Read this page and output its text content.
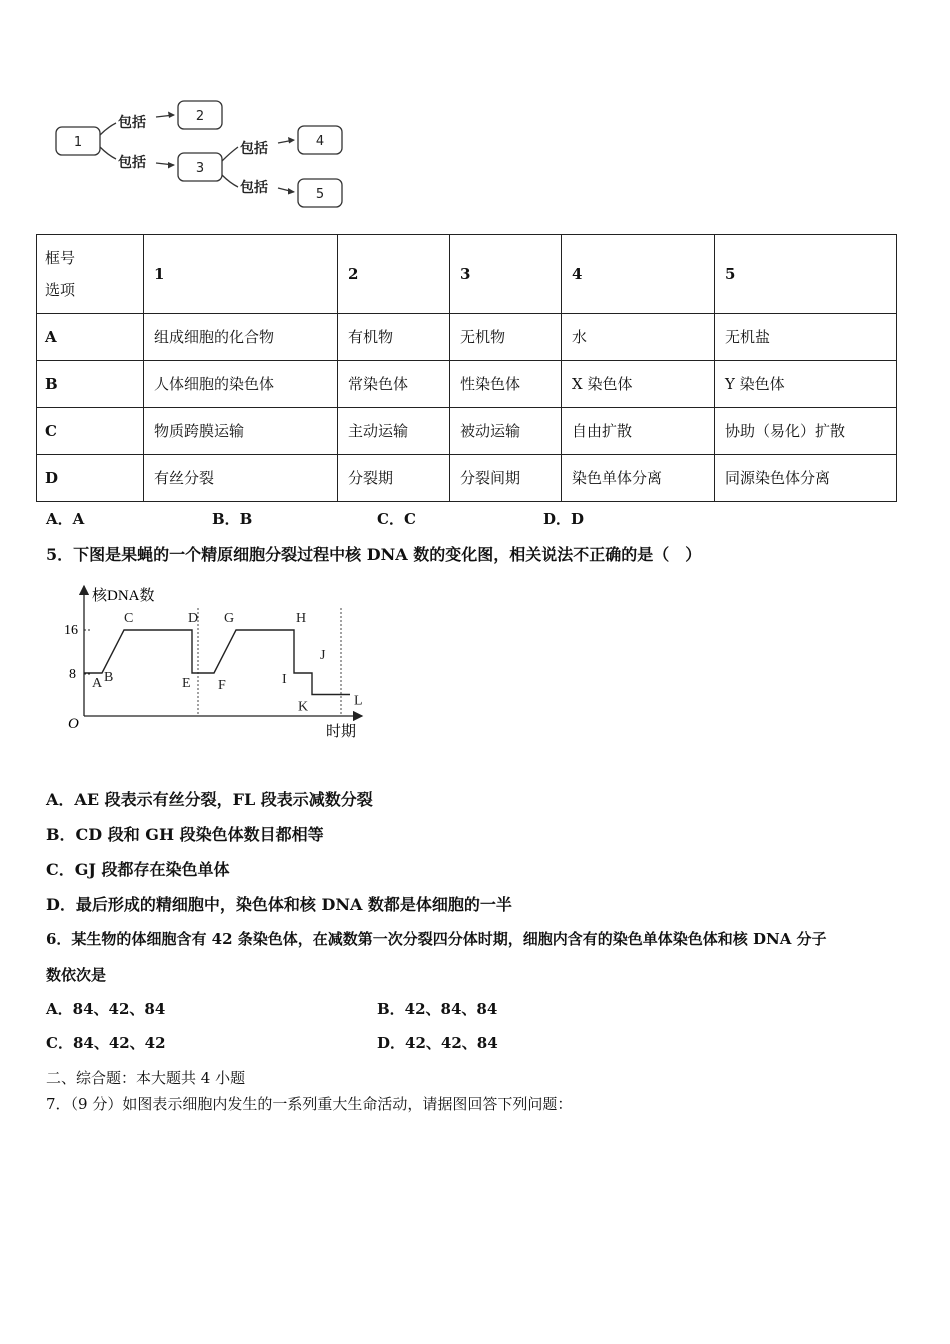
1
2
3
4
5
包括
包括
包括
包括
框号
选项	1	2	3	4	5
A	组成细胞的化合物	有机物	无机物	水	无机盐
B	人体细胞的染色体	常染色体	性染色体	X 染色体	Y 染色体
C	物质跨膜运输	主动运输	被动运输	自由扩散	协助（易化）扩散
D	有丝分裂	分裂期	分裂间期	染色单体分离	同源染色体分离
A．A	B．B	C．C	D．D
5．下图是果蝇的一个精原细胞分裂过程中核 DNA 数的变化图，相关说法不正确的是（　）
核DNA数
时期
O
16
8
A B
C	D
E F
G	H
I
J
K	L
A．AE 段表示有丝分裂，FL 段表示减数分裂
B．CD 段和 GH 段染色体数目都相等
C．GJ 段都存在染色单体
D．最后形成的精细胞中，染色体和核 DNA 数都是体细胞的一半
6．某生物的体细胞含有 42 条染色体，在减数第一次分裂四分体时期，细胞内含有的染色单体染色体和核 DNA 分子
数依次是
A．84、42、84	B．42、84、84
C．84、42、42	D．42、42、84
二、综合题：本大题共 4 小题
7．（9 分）如图表示细胞内发生的一系列重大生命活动，请据图回答下列问题：
